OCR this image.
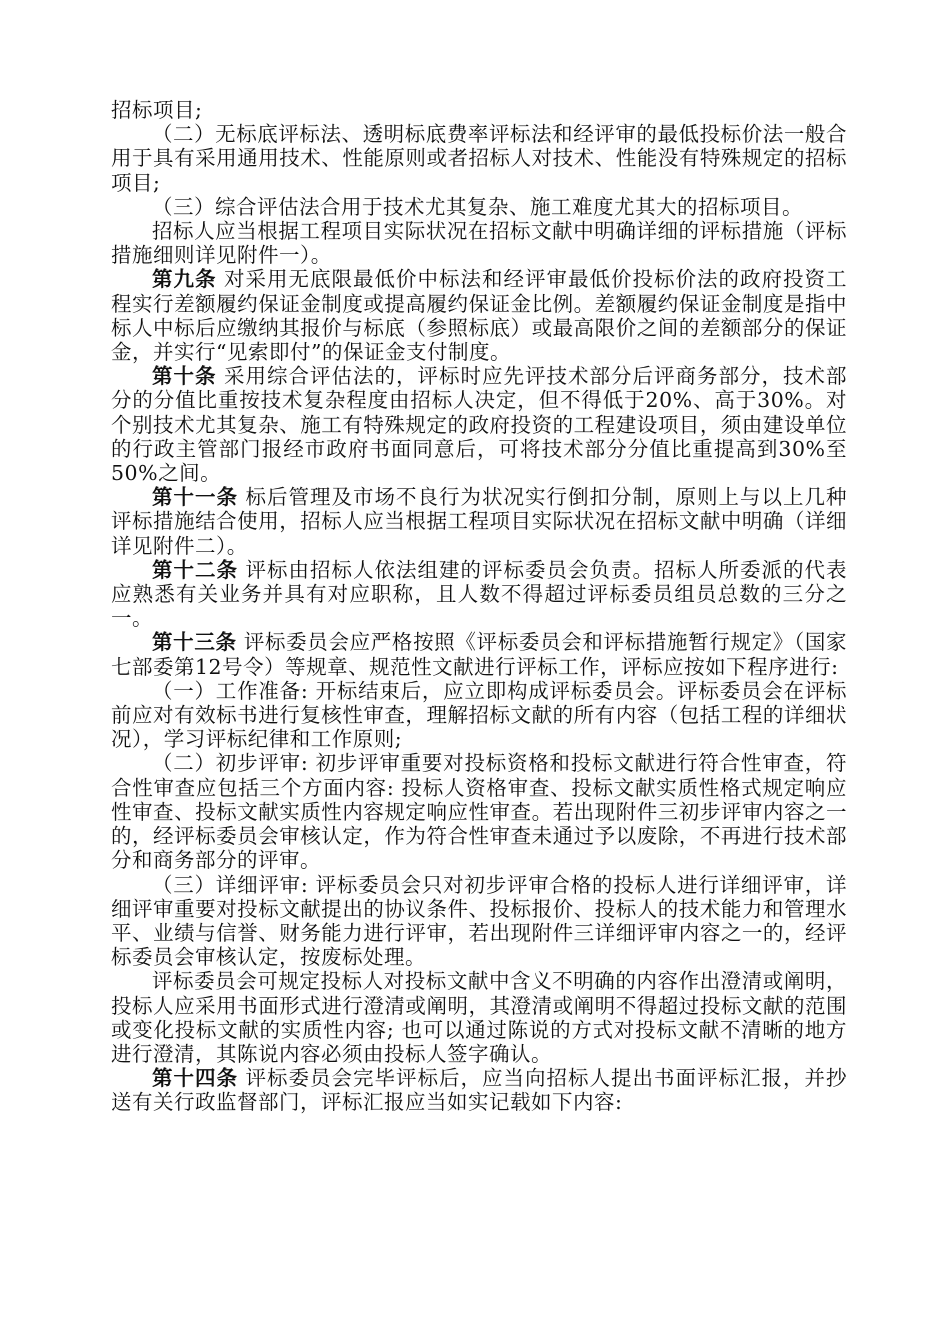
招标项目;

（二）无标底评标法、透明标底费率评标法和经评审的最低投标价法一般合用于具有采用通用技术、性能原则或者招标人对技术、性能没有特殊规定的招标项目;

（三）综合评估法合用于技术尤其复杂、施工难度尤其大的招标项目。

招标人应当根据工程项目实际状况在招标文献中明确详细的评标措施（评标措施细则详见附件一）。

第九条 对采用无底限最低价中标法和经评审最低价投标价法的政府投资工程实行差额履约保证金制度或提高履约保证金比例。差额履约保证金制度是指中标人中标后应缴纳其报价与标底（参照标底）或最高限价之间的差额部分的保证金，并实行“见索即付”的保证金支付制度。

第十条 采用综合评估法的，评标时应先评技术部分后评商务部分，技术部分的分值比重按技术复杂程度由招标人决定，但不得低于20%、高于30%。对个别技术尤其复杂、施工有特殊规定的政府投资的工程建设项目，须由建设单位的行政主管部门报经市政府书面同意后，可将技术部分分值比重提高到30%至50%之间。

第十一条 标后管理及市场不良行为状况实行倒扣分制，原则上与以上几种评标措施结合使用，招标人应当根据工程项目实际状况在招标文献中明确（详细详见附件二）。

第十二条 评标由招标人依法组建的评标委员会负责。招标人所委派的代表应熟悉有关业务并具有对应职称，且人数不得超过评标委员组员总数的三分之一。

第十三条 评标委员会应严格按照《评标委员会和评标措施暂行规定》（国家七部委第12号令）等规章、规范性文献进行评标工作，评标应按如下程序进行:

（一）工作准备: 开标结束后，应立即构成评标委员会。评标委员会在评标前应对有效标书进行复核性审查，理解招标文献的所有内容（包括工程的详细状况），学习评标纪律和工作原则;

（二）初步评审: 初步评审重要对投标资格和投标文献进行符合性审查，符合性审查应包括三个方面内容: 投标人资格审查、投标文献实质性格式规定响应性审查、投标文献实质性内容规定响应性审查。若出现附件三初步评审内容之一的，经评标委员会审核认定，作为符合性审查未通过予以废除，不再进行技术部分和商务部分的评审。

（三）详细评审: 评标委员会只对初步评审合格的投标人进行详细评审，详细评审重要对投标文献提出的协议条件、投标报价、投标人的技术能力和管理水平、业绩与信誉、财务能力进行评审，若出现附件三详细评审内容之一的，经评标委员会审核认定，按废标处理。

评标委员会可规定投标人对投标文献中含义不明确的内容作出澄清或阐明，投标人应采用书面形式进行澄清或阐明，其澄清或阐明不得超过投标文献的范围或变化投标文献的实质性内容; 也可以通过陈说的方式对投标文献不清晰的地方进行澄清，其陈说内容必须由投标人签字确认。

第十四条 评标委员会完毕评标后，应当向招标人提出书面评标汇报，并抄送有关行政监督部门，评标汇报应当如实记载如下内容:
